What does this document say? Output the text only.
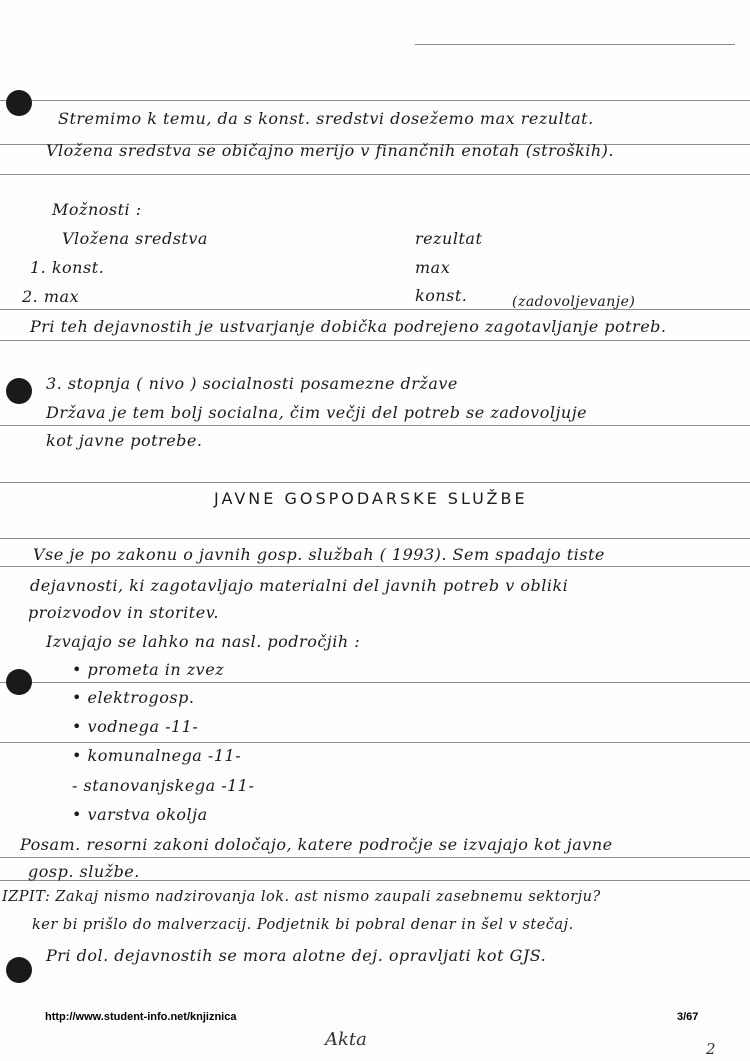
Stremimo k temu, da s konst. sredstvi dosežemo max rezultat.
Vložena sredstva se običajno merijo v finančnih enotah (stroških).
Možnosti :
Vložena sredstva	rezultat
1. konst.	max
2. max	konst.	(zadovoljevanje)
Pri teh dejavnostih je ustvarjanje dobička podrejeno zagotavljanje potreb.
3. stopnja ( nivo ) socialnosti posamezne države
Država je tem bolj socialna, čim večji del potreb se zadovoljuje
kot javne potrebe.
JAVNE GOSPODARSKE SLUŽBE
Vse je po zakonu o javnih gosp. službah ( 1993). Sem spadajo tiste
dejavnosti, ki zagotavljajo materialni del javnih potreb v obliki
proizvodov in storitev.
Izvajajo se lahko na nasl. področjih :
• prometa in zvez
• elektrogosp.
• vodnega -11-
• komunalnega -11-
- stanovanjskega -11-
• varstva okolja
Posam. resorni zakoni določajo, katere področje se izvajajo kot javne
gosp. službe.
IZPIT: Zakaj nismo nadzirovanja lok. ast nismo zaupali zasebnemu sektorju?
ker bi prišlo do malverzacij. Podjetnik bi pobral denar in šel v stečaj.
Pri dol. dejavnostih se mora alotne dej. opravljati kot GJS.
http://www.student-info.net/knjiznica	3/67
Akta	2
